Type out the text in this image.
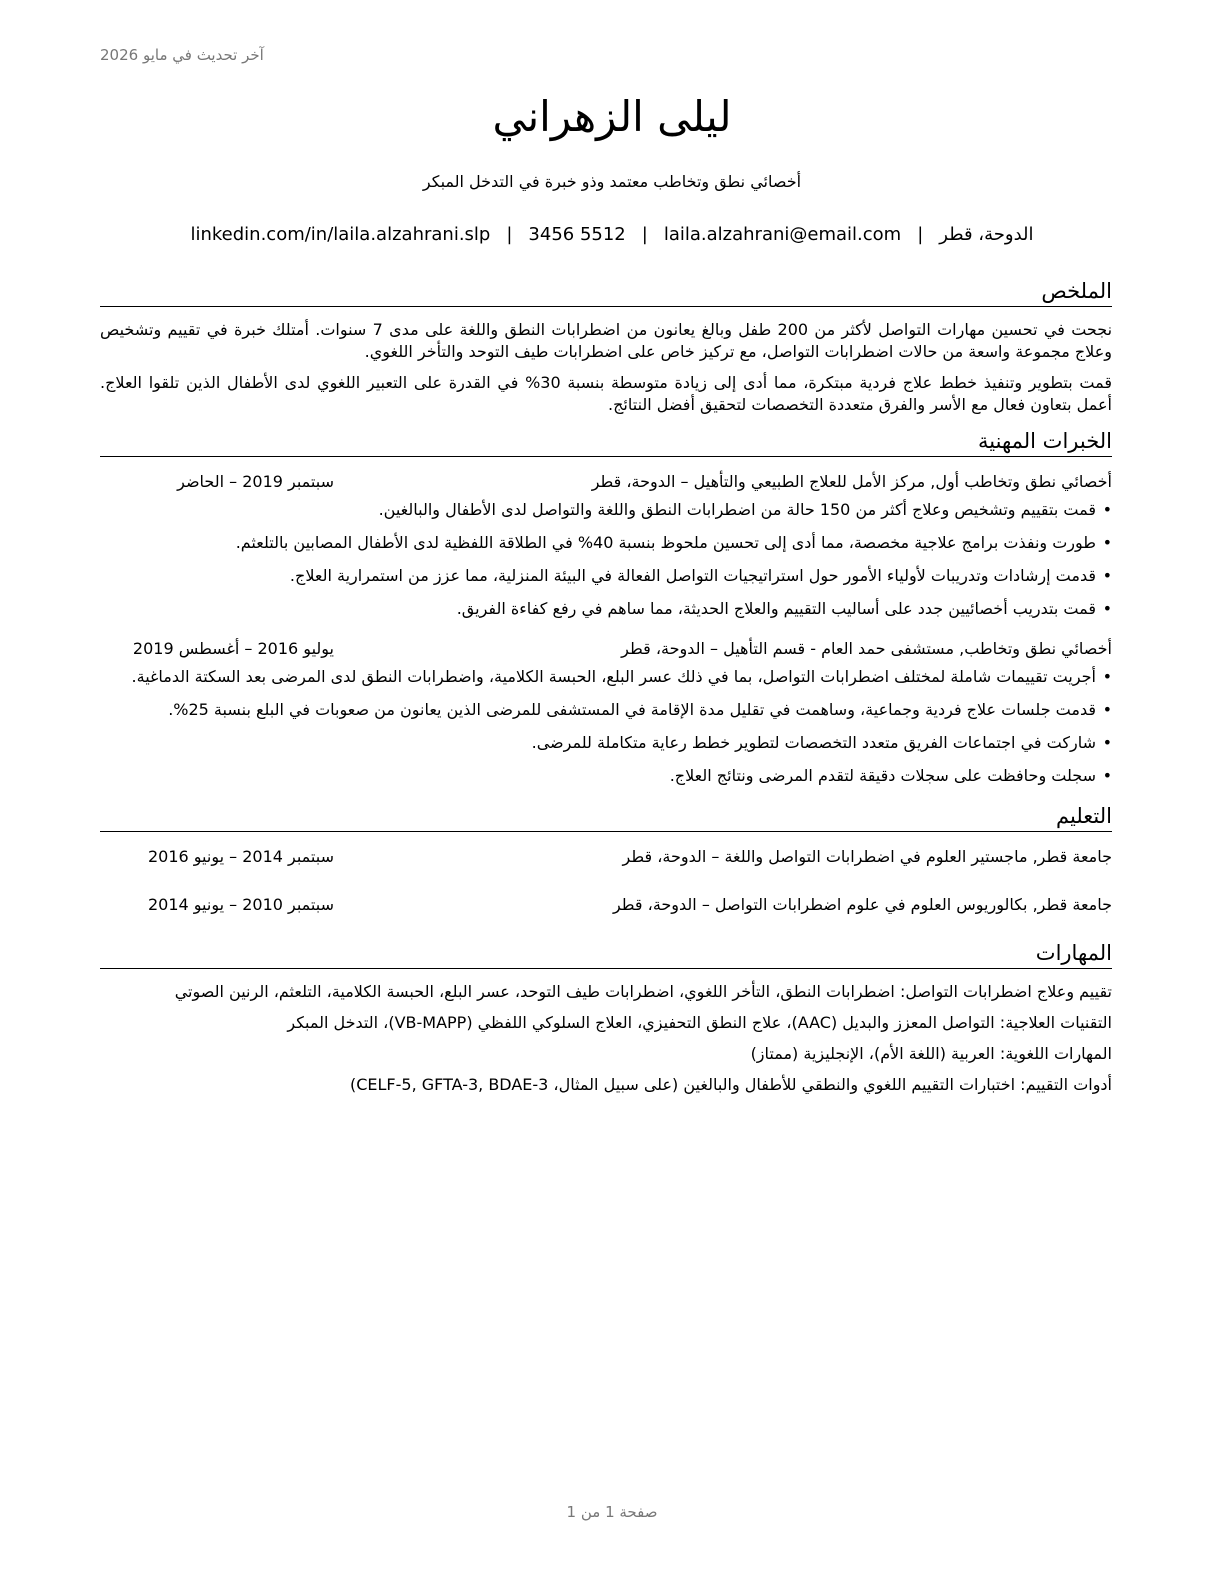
آخر تحديث في مايو 2026
ليلى الزهراني
أخصائي نطق وتخاطب معتمد وذو خبرة في التدخل المبكر
الدوحة، قطر|laila.alzahrani@email.com|3456 5512|linkedin.com/in/laila.alzahrani.slp
الملخص

نجحت في تحسين مهارات التواصل لأكثر من 200 طفل وبالغ يعانون من اضطرابات النطق واللغة على مدى 7 سنوات. أمتلك خبرة في تقييم وتشخيص وعلاج مجموعة واسعة من حالات اضطرابات التواصل، مع تركيز خاص على اضطرابات طيف التوحد والتأخر اللغوي.

قمت بتطوير وتنفيذ خطط علاج فردية مبتكرة، مما أدى إلى زيادة متوسطة بنسبة 30% في القدرة على التعبير اللغوي لدى الأطفال الذين تلقوا العلاج. أعمل بتعاون فعال مع الأسر والفرق متعددة التخصصات لتحقيق أفضل النتائج.

الخبرات المهنية
أخصائي نطق وتخاطب أول, مركز الأمل للعلاج الطبيعي والتأهيل – الدوحة، قطر
سبتمبر 2019 – الحاضر
•
قمت بتقييم وتشخيص وعلاج أكثر من 150 حالة من اضطرابات النطق واللغة والتواصل لدى الأطفال والبالغين.
•
طورت ونفذت برامج علاجية مخصصة، مما أدى إلى تحسين ملحوظ بنسبة 40% في الطلاقة اللفظية لدى الأطفال المصابين بالتلعثم.
•
قدمت إرشادات وتدريبات لأولياء الأمور حول استراتيجيات التواصل الفعالة في البيئة المنزلية، مما عزز من استمرارية العلاج.
•
قمت بتدريب أخصائيين جدد على أساليب التقييم والعلاج الحديثة، مما ساهم في رفع كفاءة الفريق.
أخصائي نطق وتخاطب, مستشفى حمد العام - قسم التأهيل – الدوحة، قطر
يوليو 2016 – أغسطس 2019
•
أجريت تقييمات شاملة لمختلف اضطرابات التواصل، بما في ذلك عسر البلع، الحبسة الكلامية، واضطرابات النطق لدى المرضى بعد السكتة الدماغية.
•
قدمت جلسات علاج فردية وجماعية، وساهمت في تقليل مدة الإقامة في المستشفى للمرضى الذين يعانون من صعوبات في البلع بنسبة 25%.
•
شاركت في اجتماعات الفريق متعدد التخصصات لتطوير خطط رعاية متكاملة للمرضى.
•
سجلت وحافظت على سجلات دقيقة لتقدم المرضى ونتائج العلاج.
التعليم
جامعة قطر, ماجستير العلوم في اضطرابات التواصل واللغة – الدوحة، قطر
سبتمبر 2014 – يونيو 2016
جامعة قطر, بكالوريوس العلوم في علوم اضطرابات التواصل – الدوحة، قطر
سبتمبر 2010 – يونيو 2014
المهارات

تقييم وعلاج اضطرابات التواصل: اضطرابات النطق، التأخر اللغوي، اضطرابات طيف التوحد، عسر البلع، الحبسة الكلامية، التلعثم، الرنين الصوتي

التقنيات العلاجية: التواصل المعزز والبديل (AAC)، علاج النطق التحفيزي، العلاج السلوكي اللفظي (VB-MAPP)، التدخل المبكر

المهارات اللغوية: العربية (اللغة الأم)، الإنجليزية (ممتاز)

أدوات التقييم: اختبارات التقييم اللغوي والنطقي للأطفال والبالغين (على سبيل المثال، CELF-5, GFTA-3, BDAE-3)

صفحة 1 من 1
